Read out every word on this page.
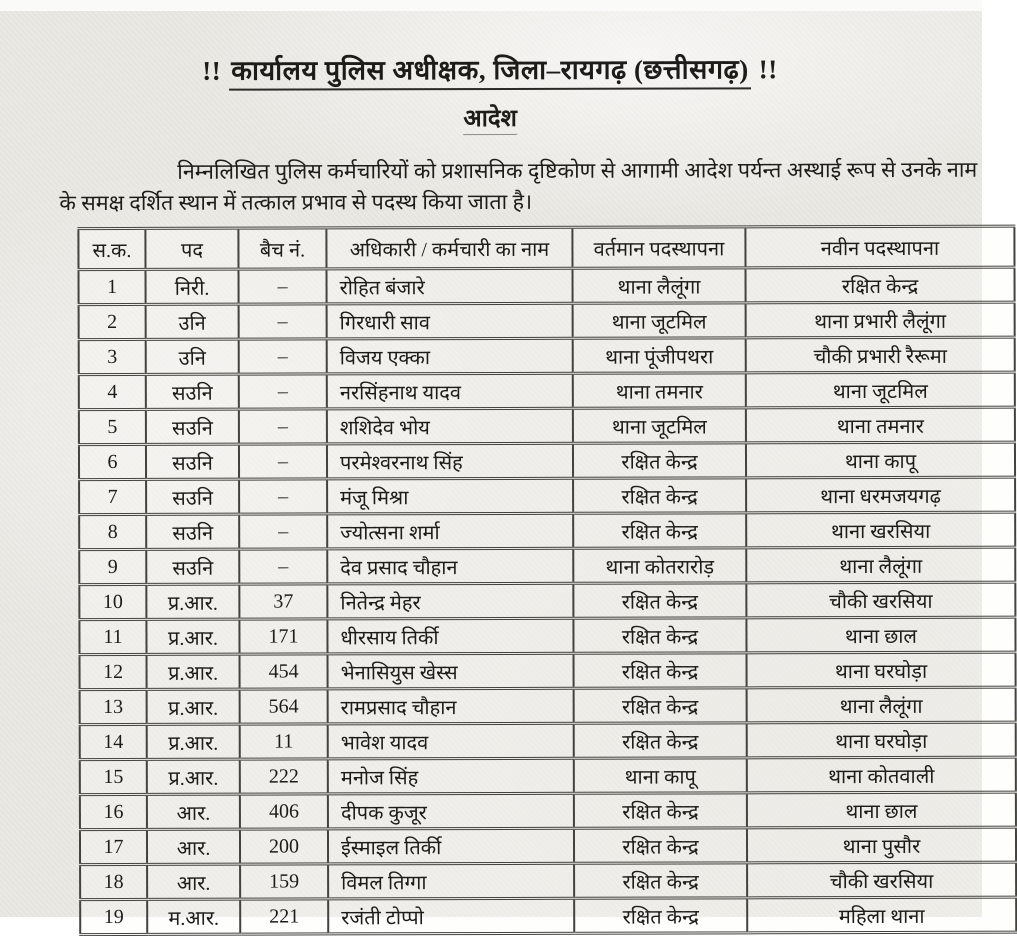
!! कार्यालय पुलिस अधीक्षक, जिला–रायगढ़ (छत्तीसगढ़) !!
आदेश

निम्नलिखित पुलिस कर्मचारियों को प्रशासनिक दृष्टिकोण से आगामी आदेश पर्यन्त अस्थाई रूप से उनके नाम के समक्ष दर्शित स्थान में तत्काल प्रभाव से पदस्थ किया जाता है।

स.क.	पद	बैच नं.	अधिकारी / कर्मचारी का नाम	वर्तमान पदस्थापना	नवीन पदस्थापना
1	निरी.	–	रोहित बंजारे	थाना लैलूंगा	रक्षित केन्द्र
2	उनि	–	गिरधारी साव	थाना जूटमिल	थाना प्रभारी लैलूंगा
3	उनि	–	विजय एक्का	थाना पूंजीपथरा	चौकी प्रभारी रैरूमा
4	सउनि	–	नरसिंहनाथ यादव	थाना तमनार	थाना जूटमिल
5	सउनि	–	शशिदेव भोय	थाना जूटमिल	थाना तमनार
6	सउनि	–	परमेश्वरनाथ सिंह	रक्षित केन्द्र	थाना कापू
7	सउनि	–	मंजू मिश्रा	रक्षित केन्द्र	थाना धरमजयगढ़
8	सउनि	–	ज्योत्सना शर्मा	रक्षित केन्द्र	थाना खरसिया
9	सउनि	–	देव प्रसाद चौहान	थाना कोतरारोड़	थाना लैलूंगा
10	प्र.आर.	37	नितेन्द्र मेहर	रक्षित केन्द्र	चौकी खरसिया
11	प्र.आर.	171	धीरसाय तिर्की	रक्षित केन्द्र	थाना छाल
12	प्र.आर.	454	भेनासियुस खेस्स	रक्षित केन्द्र	थाना घरघोड़ा
13	प्र.आर.	564	रामप्रसाद चौहान	रक्षित केन्द्र	थाना लैलूंगा
14	प्र.आर.	11	भावेश यादव	रक्षित केन्द्र	थाना घरघोड़ा
15	प्र.आर.	222	मनोज सिंह	थाना कापू	थाना कोतवाली
16	आर.	406	दीपक कुजूर	रक्षित केन्द्र	थाना छाल
17	आर.	200	ईस्माइल तिर्की	रक्षित केन्द्र	थाना पुसौर
18	आर.	159	विमल तिग्गा	रक्षित केन्द्र	चौकी खरसिया
19	म.आर.	221	रजंती टोप्पो	रक्षित केन्द्र	महिला थाना
